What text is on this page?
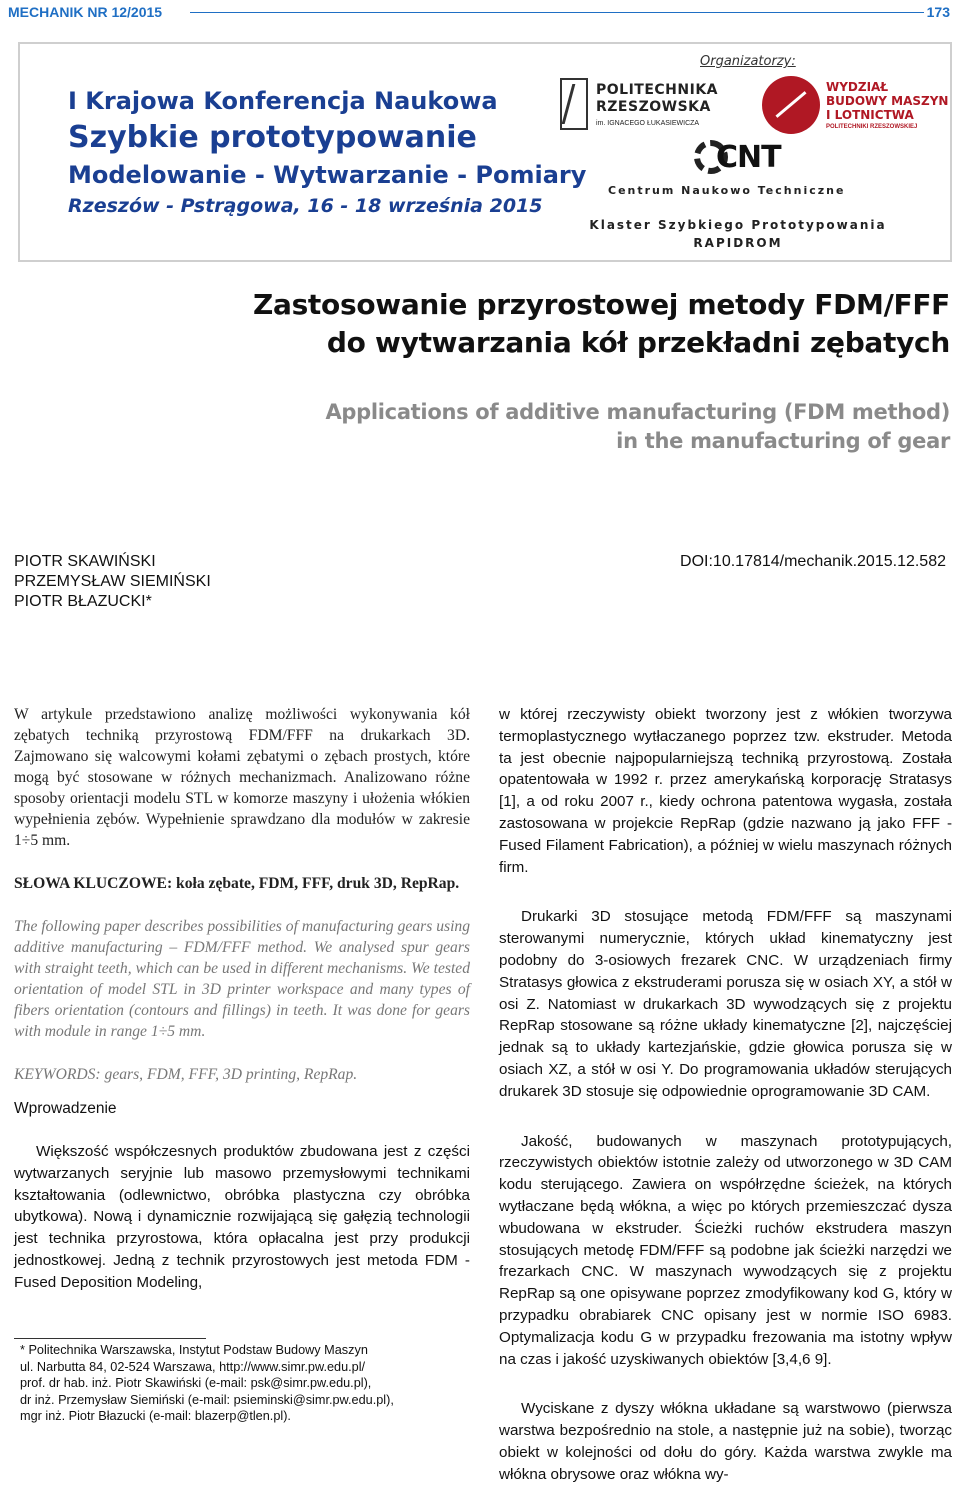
MECHANIK NR 12/2015	173
I Krajowa Konferencja Naukowa
Szybkie prototypowanie
Modelowanie - Wytwarzanie - Pomiary
Rzeszów - Pstrągowa, 16 - 18 września 2015
Organizatorzy:
POLITECHNIKA
RZESZOWSKA
im. IGNACEGO ŁUKASIEWICZA
WYDZIAŁ
BUDOWY MASZYN
I LOTNICTWA
POLITECHNIKI RZESZOWSKIEJ
CNT
Centrum Naukowo Techniczne
Klaster Szybkiego Prototypowania
RAPIDROM
Zastosowanie przyrostowej metody FDM/FFF
do wytwarzania kół przekładni zębatych
Applications of additive manufacturing (FDM method)
in the manufacturing of gear
PIOTR SKAWIŃSKI
PRZEMYSŁAW SIEMIŃSKI
PIOTR BŁAZUCKI*
DOI:10.17814/mechanik.2015.12.582

W artykule przedstawiono analizę możliwości wykonywania kół zębatych techniką przyrostową FDM/FFF na drukarkach 3D. Zajmowano się walcowymi kołami zębatymi o zębach prostych, które mogą być stosowane w różnych mechanizmach. Analizowano różne sposoby orientacji modelu STL w komorze maszyny i ułożenia włókien wypełnienia zębów. Wypełnienie sprawdzano dla modułów w zakresie 1÷5 mm.

SŁOWA KLUCZOWE: koła zębate, FDM, FFF, druk 3D, RepRap.

The following paper describes possibilities of manufacturing gears using additive manufacturing – FDM/FFF method. We analysed spur gears with straight teeth, which can be used in different mechanisms. We tested orientation of model STL in 3D printer workspace and many types of fibers orientation (contours and fillings) in teeth. It was done for gears with module in range 1÷5 mm.

KEYWORDS: gears, FDM, FFF, 3D printing, RepRap.

Wprowadzenie

Większość współczesnych produktów zbudowana jest z części wytwarzanych seryjnie lub masowo przemysłowymi technikami kształtowania (odlewnictwo, obróbka plastyczna czy obróbka ubytkowa). Nową i dynamicznie rozwijającą się gałęzią technologii jest technika przyrostowa, która opłacalna jest przy produkcji jednostkowej. Jedną z technik przyrostowych jest metoda FDM - Fused Deposition Modeling,

w której rzeczywisty obiekt tworzony jest z włókien tworzywa termoplastycznego wytłaczanego poprzez tzw. ekstruder. Metoda ta jest obecnie najpopularniejszą techniką przyrostową. Została opatentowała w 1992 r. przez amerykańską korporację Stratasys [1], a od roku 2007 r., kiedy ochrona patentowa wygasła, została zastosowana w projekcie RepRap (gdzie nazwano ją jako FFF - Fused Filament Fabrication), a później w wielu maszynach różnych firm.

Drukarki 3D stosujące metodą FDM/FFF są maszynami sterowanymi numerycznie, których układ kinematyczny jest podobny do 3-osiowych frezarek CNC. W urządzeniach firmy Stratasys głowica z ekstruderami porusza się w osiach XY, a stół w osi Z. Natomiast w drukarkach 3D wywodzących się z projektu RepRap stosowane są różne układy kinematyczne [2], najczęściej jednak są to układy kartezjańskie, gdzie głowica porusza się w osiach XZ, a stół w osi Y. Do programowania układów sterujących drukarek 3D stosuje się odpowiednie oprogramowanie 3D CAM.

Jakość, budowanych w maszynach prototypujących, rzeczywistych obiektów istotnie zależy od utworzonego w 3D CAM kodu sterującego. Zawiera on współrzędne ścieżek, na których wytłaczane będą włókna, a więc po których przemieszczać dysza wbudowana w ekstruder. Ścieżki ruchów ekstrudera maszyn stosujących metodę FDM/FFF są podobne jak ścieżki narzędzi we frezarkach CNC. W maszynach wywodzących się z projektu RepRap są one opisywane poprzez zmodyfikowany kod G, który w przypadku obrabiarek CNC opisany jest w normie ISO 6983. Optymalizacja kodu G w przypadku frezowania ma istotny wpływ na czas i jakość uzyskiwanych obiektów [3,4,6 9].

Wyciskane z dyszy włókna układane są warstwowo (pierwsza warstwa bezpośrednio na stole, a następnie już na sobie), tworząc obiekt w kolejności od dołu do góry. Każda warstwa zwykle ma włókna obrysowe oraz włókna wy-

* Politechnika Warszawska, Instytut Podstaw Budowy Maszyn
ul. Narbutta 84, 02-524 Warszawa, http://www.simr.pw.edu.pl/
prof. dr hab. inż. Piotr Skawiński (e-mail: psk@simr.pw.edu.pl),
dr inż. Przemysław Siemiński (e-mail: psieminski@simr.pw.edu.pl),
mgr inż. Piotr Błazucki (e-mail: blazerp@tlen.pl).
